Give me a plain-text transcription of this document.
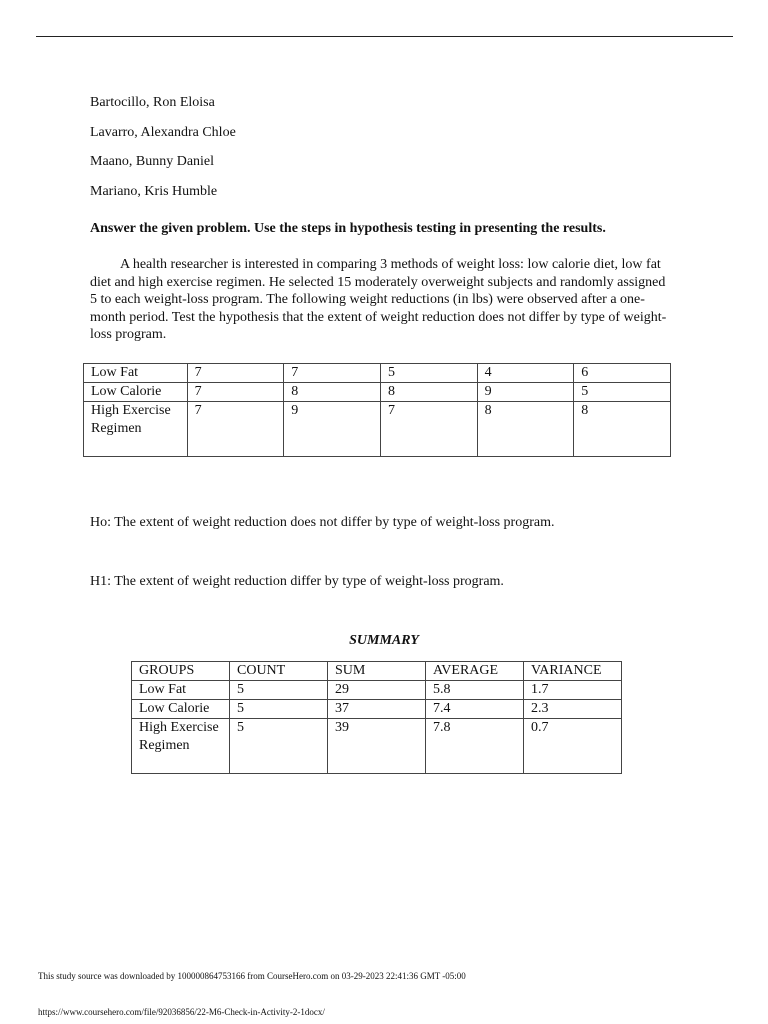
Bartocillo, Ron Eloisa
Lavarro, Alexandra Chloe
Maano, Bunny Daniel
Mariano, Kris Humble
Answer the given problem. Use the steps in hypothesis testing in presenting the results.
A health researcher is interested in comparing 3 methods of weight loss: low calorie diet, low fat diet and high exercise regimen. He selected 15 moderately overweight subjects and randomly assigned 5 to each weight-loss program. The following weight reductions (in lbs) were observed after a one-month period. Test the hypothesis that the extent of weight reduction does not differ by type of weight-loss program.
Low Fat	7	7	5	4	6
Low Calorie	7	8	8	9	5
High Exercise Regimen	7	9	7	8	8
Ho: The extent of weight reduction does not differ by type of weight-loss program.
H1: The extent of weight reduction differ by type of weight-loss program.
SUMMARY
GROUPS	COUNT	SUM	AVERAGE	VARIANCE
Low Fat	5	29	5.8	1.7
Low Calorie	5	37	7.4	2.3
High Exercise Regimen	5	39	7.8	0.7
This study source was downloaded by 100000864753166 from CourseHero.com on 03-29-2023 22:41:36 GMT -05:00
https://www.coursehero.com/file/92036856/22-M6-Check-in-Activity-2-1docx/
